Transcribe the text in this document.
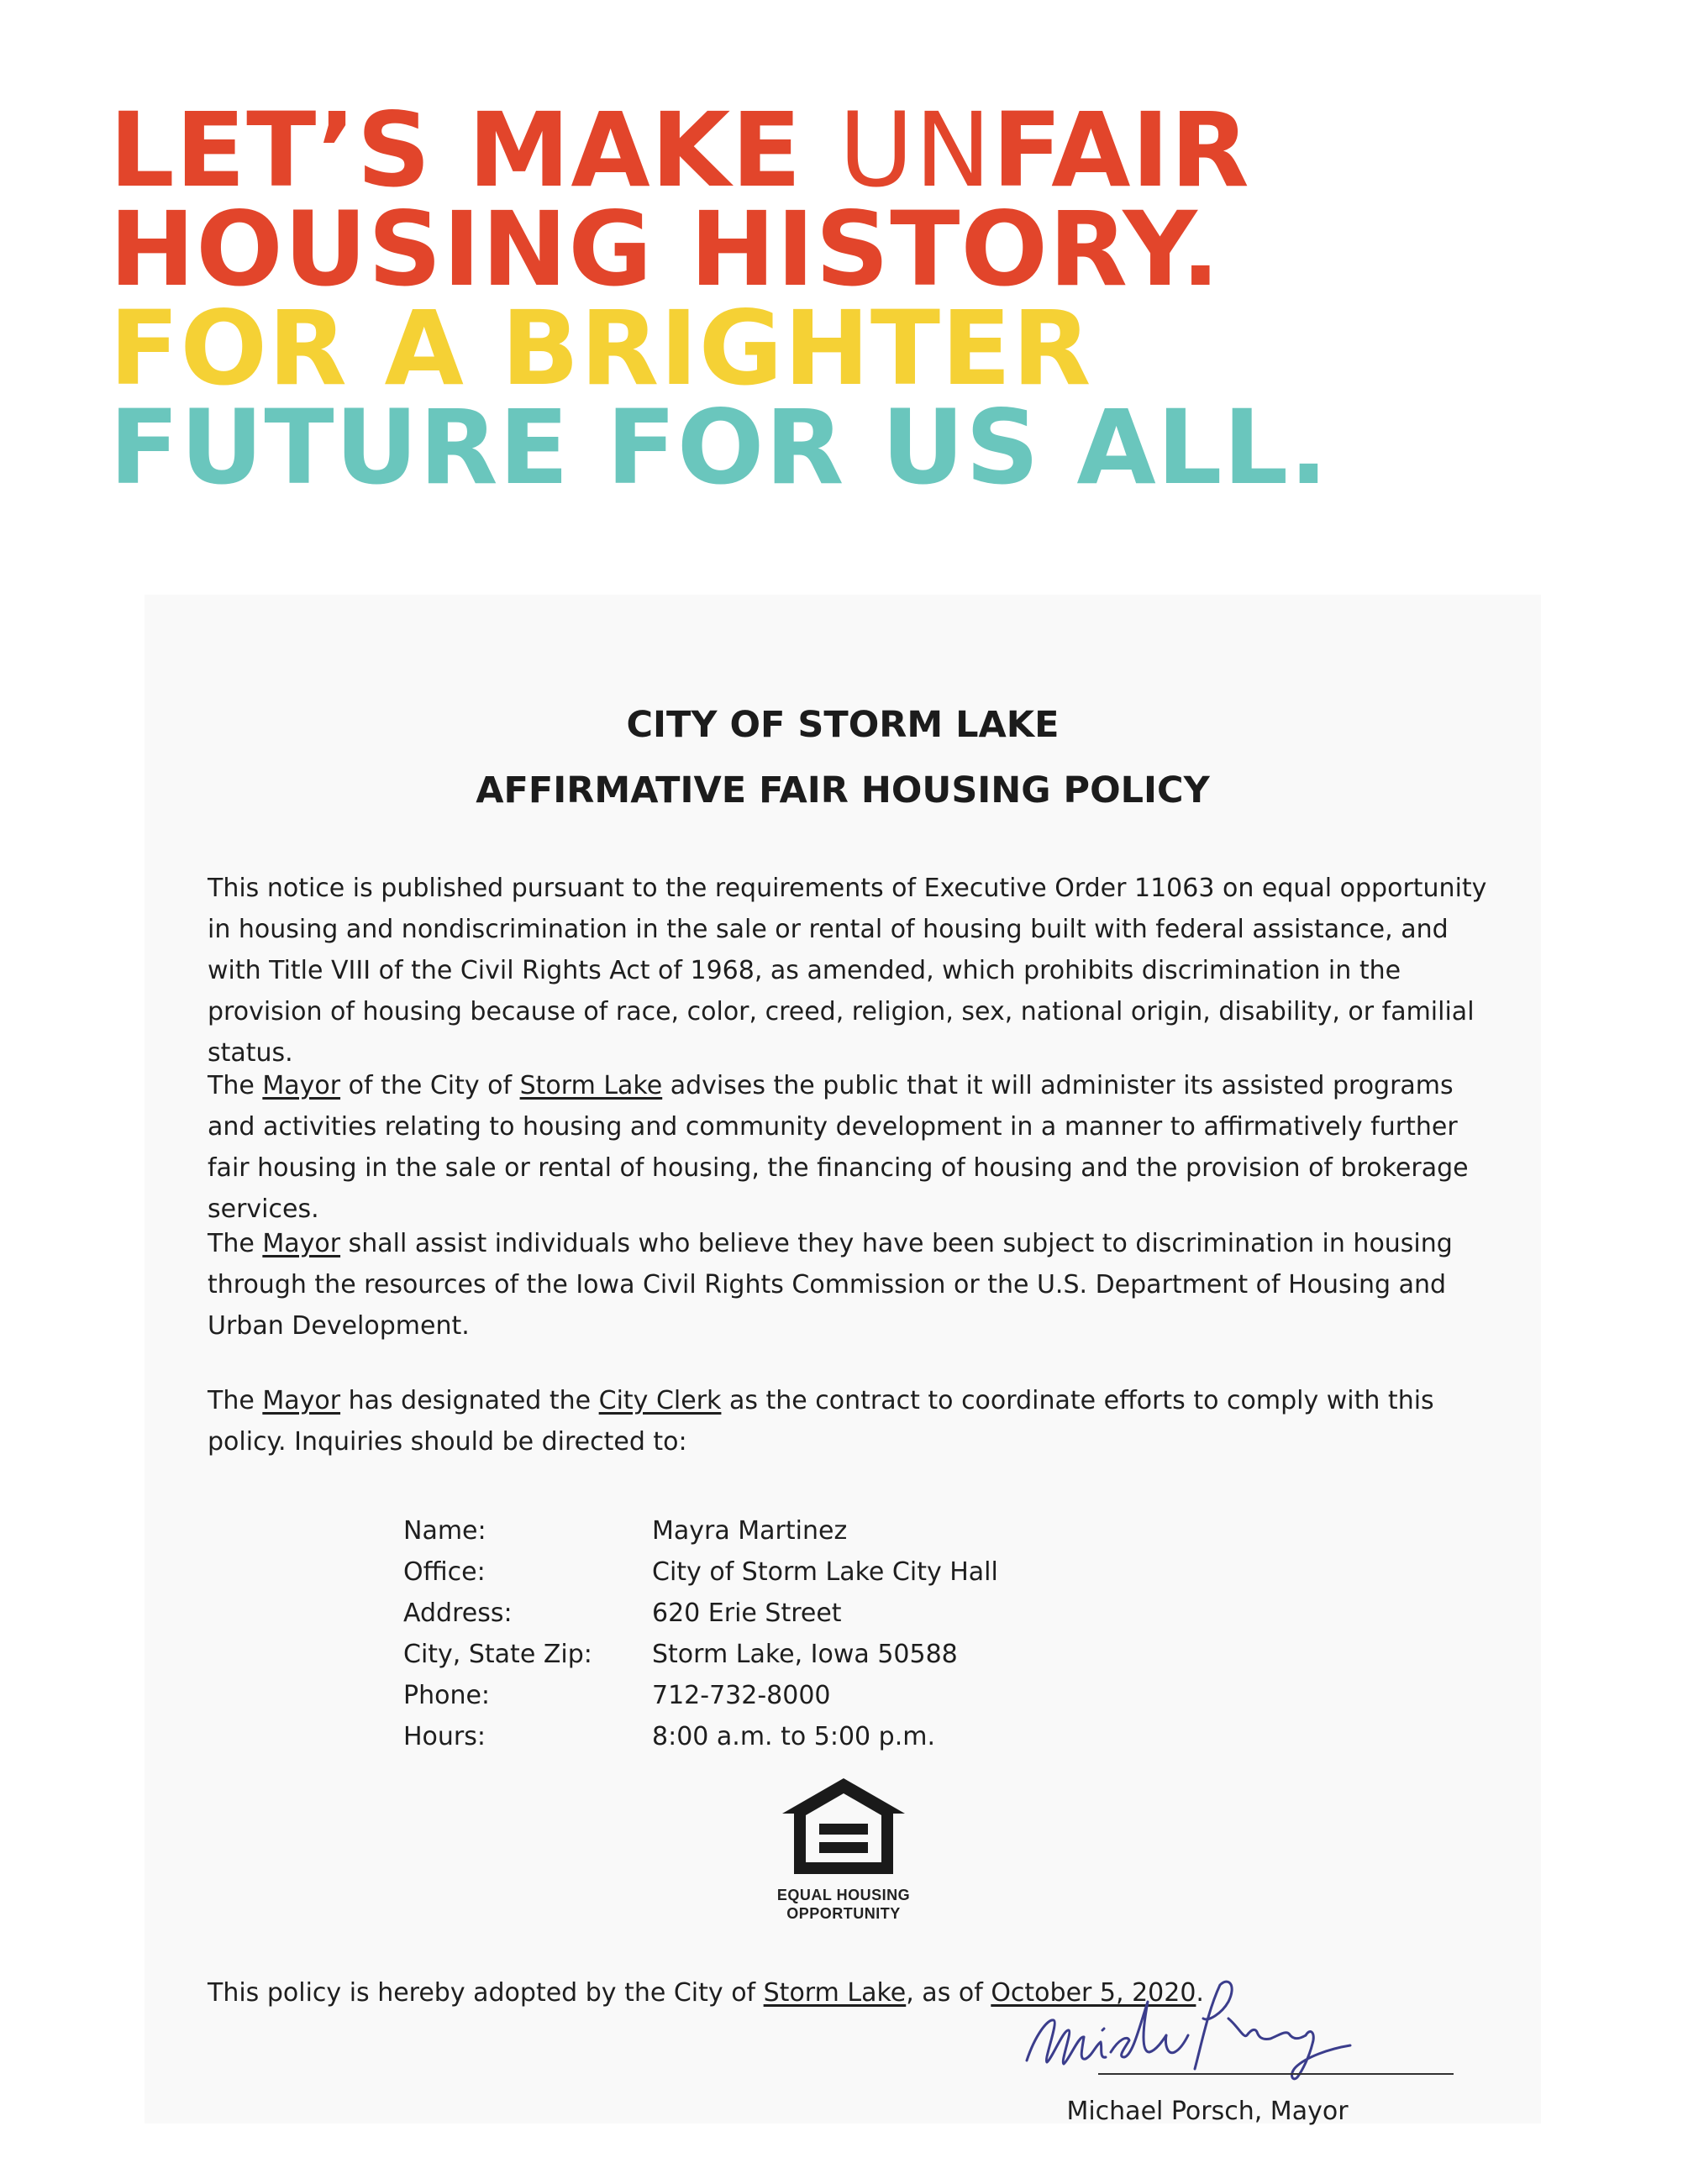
LET’S MAKE UNFAIR
HOUSING HISTORY.
FOR A BRIGHTER
FUTURE FOR US ALL.
CITY OF STORM LAKE
AFFIRMATIVE FAIR HOUSING POLICY

This notice is published pursuant to the requirements of Executive Order 11063 on equal opportunity in housing and nondiscrimination in the sale or rental of housing built with federal assistance, and with Title VIII of the Civil Rights Act of 1968, as amended, which prohibits discrimination in the provision of housing because of race, color, creed, religion, sex, national origin, disability, or familial status.

The Mayor of the City of Storm Lake advises the public that it will administer its assisted programs and activities relating to housing and community development in a manner to affirmatively further fair housing in the sale or rental of housing, the financing of housing and the provision of brokerage services.

The Mayor shall assist individuals who believe they have been subject to discrimination in housing through the resources of the Iowa Civil Rights Commission or the U.S. Department of Housing and Urban Development.

The Mayor has designated the City Clerk as the contract to coordinate efforts to comply with this policy. Inquiries should be directed to:

Name:	Mayra Martinez
Office:	City of Storm Lake City Hall
Address:	620 Erie Street
City, State Zip: Storm Lake, Iowa 50588
Phone:	712-732-8000
Hours:	8:00 a.m. to 5:00 p.m.
EQUAL HOUSING
OPPORTUNITY

This policy is hereby adopted by the City of Storm Lake, as of October 5, 2020.

Michael Porsch, Mayor
